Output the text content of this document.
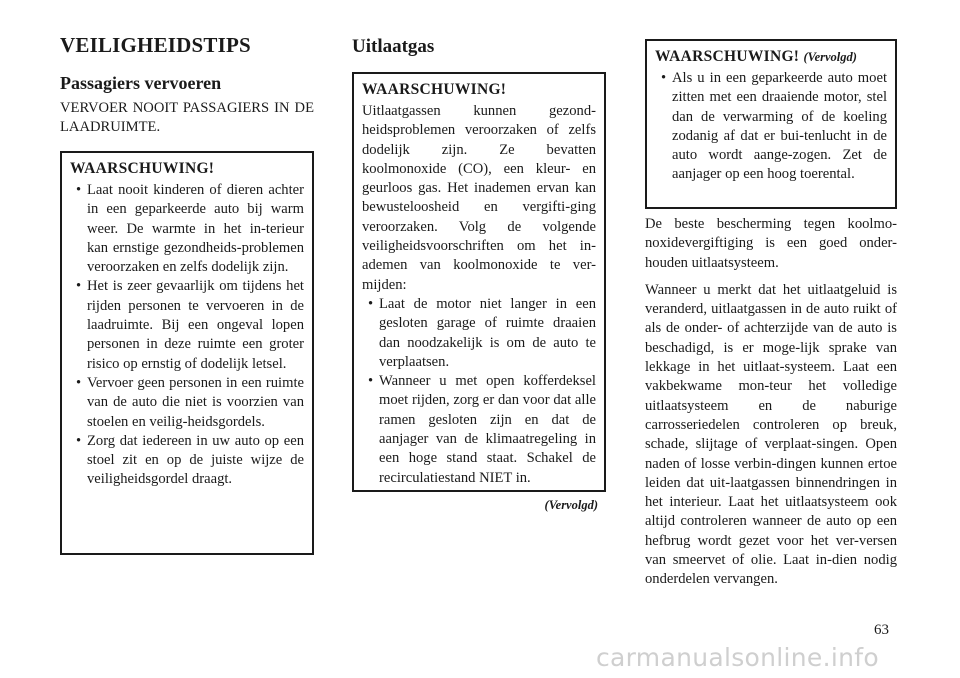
VEILIGHEIDSTIPS
Passagiers vervoeren

VERVOER NOOIT PASSAGIERS IN DE LAADRUIMTE.

WAARSCHUWING!

• Laat nooit kinderen of dieren achter in een geparkeerde auto bij warm weer. De warmte in het in-terieur kan ernstige gezondheids-problemen veroorzaken en zelfs dodelijk zijn.
• Het is zeer gevaarlijk om tijdens het rijden personen te vervoeren in de laadruimte. Bij een ongeval lopen personen in deze ruimte een groter risico op ernstig of dodelijk letsel.
• Vervoer geen personen in een ruimte van de auto die niet is voorzien van stoelen en veilig-heidsgordels.
• Zorg dat iedereen in uw auto op een stoel zit en op de juiste wijze de veiligheidsgordel draagt.
Uitlaatgas

WAARSCHUWING!

Uitlaatgassen kunnen gezond-heidsproblemen veroorzaken of zelfs dodelijk zijn. Ze bevatten koolmonoxide (CO), een kleur- en geurloos gas. Het inademen ervan kan bewusteloosheid en vergifti-ging veroorzaken. Volg de volgende veiligheidsvoorschriften om het in-ademen van koolmonoxide te ver-mijden:

• Laat de motor niet langer in een gesloten garage of ruimte draaien dan noodzakelijk is om de auto te verplaatsen.
• Wanneer u met open kofferdeksel moet rijden, zorg er dan voor dat alle ramen gesloten zijn en dat de aanjager van de klimaatregeling in een hoge stand staat. Schakel de recirculatiestand NIET in.
(Vervolgd)

WAARSCHUWING! (Vervolgd)

• Als u in een geparkeerde auto moet zitten met een draaiende motor, stel dan de verwarming of de koeling zodanig af dat er bui-tenlucht in de auto wordt aange-zogen. Zet de aanjager op een hoog toerental.

De beste bescherming tegen koolmo-noxidevergiftiging is een goed onder-houden uitlaatsysteem.

Wanneer u merkt dat het uitlaatgeluid is veranderd, uitlaatgassen in de auto ruikt of als de onder- of achterzijde van de auto is beschadigd, is er moge-lijk sprake van lekkage in het uitlaat-systeem. Laat een vakbekwame mon-teur het volledige uitlaatsysteem en de naburige carrosseriedelen controleren op breuk, schade, slijtage of verplaat-singen. Open naden of losse verbin-dingen kunnen ertoe leiden dat uit-laatgassen binnendringen in het interieur. Laat het uitlaatsysteem ook altijd controleren wanneer de auto op een hefbrug wordt gezet voor het ver-versen van smeervet of olie. Laat in-dien nodig onderdelen vervangen.

63
carmanualsonline.info
